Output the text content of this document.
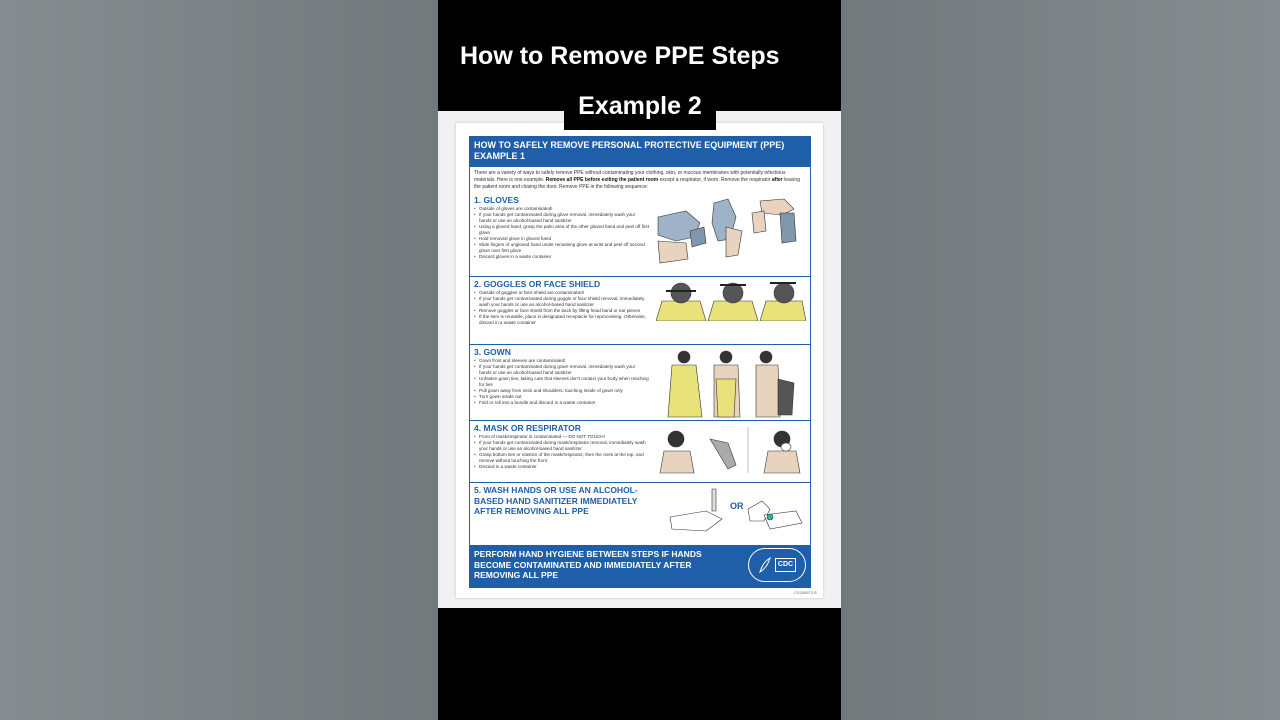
How to Remove PPE Steps
Example 2
HOW TO SAFELY REMOVE PERSONAL PROTECTIVE EQUIPMENT (PPE)
EXAMPLE 1
There are a variety of ways to safely remove PPE without contaminating your clothing, skin, or mucous membranes with potentially infectious materials. Here is one example. Remove all PPE before exiting the patient room except a respirator, if worn. Remove the respirator after leaving the patient room and closing the door. Remove PPE in the following sequence:
1. GLOVES
• Outside of gloves are contaminated!
• If your hands get contaminated during glove removal, immediately wash your hands or use an alcohol-based hand sanitizer
• Using a gloved hand, grasp the palm area of the other gloved hand and peel off first glove
• Hold removed glove in gloved hand
• Slide fingers of ungloved hand under remaining glove at wrist and peel off second glove over first glove
• Discard gloves in a waste container
2. GOGGLES OR FACE SHIELD
• Outside of goggles or face shield are contaminated!
• If your hands get contaminated during goggle or face shield removal, immediately wash your hands or use an alcohol-based hand sanitizer
• Remove goggles or face shield from the back by lifting head band or ear pieces
• If the item is reusable, place in designated receptacle for reprocessing. Otherwise, discard in a waste container
3. GOWN
• Gown front and sleeves are contaminated!
• If your hands get contaminated during gown removal, immediately wash your hands or use an alcohol-based hand sanitizer
• Unfasten gown ties, taking care that sleeves don't contact your body when reaching for ties
• Pull gown away from neck and shoulders, touching inside of gown only
• Turn gown inside out
• Fold or roll into a bundle and discard in a waste container
4. MASK OR RESPIRATOR
• Front of mask/respirator is contaminated — DO NOT TOUCH!
• If your hands get contaminated during mask/respirator removal, immediately wash your hands or use an alcohol-based hand sanitizer
• Grasp bottom ties or elastics of the mask/respirator, then the ones at the top, and remove without touching the front
• Discard in a waste container
5. WASH HANDS OR USE AN ALCOHOL-BASED HAND SANITIZER IMMEDIATELY AFTER REMOVING ALL PPE	OR
PERFORM HAND HYGIENE BETWEEN STEPS IF HANDS BECOME CONTAMINATED AND IMMEDIATELY AFTER REMOVING ALL PPE
CDC
CS250672-E
